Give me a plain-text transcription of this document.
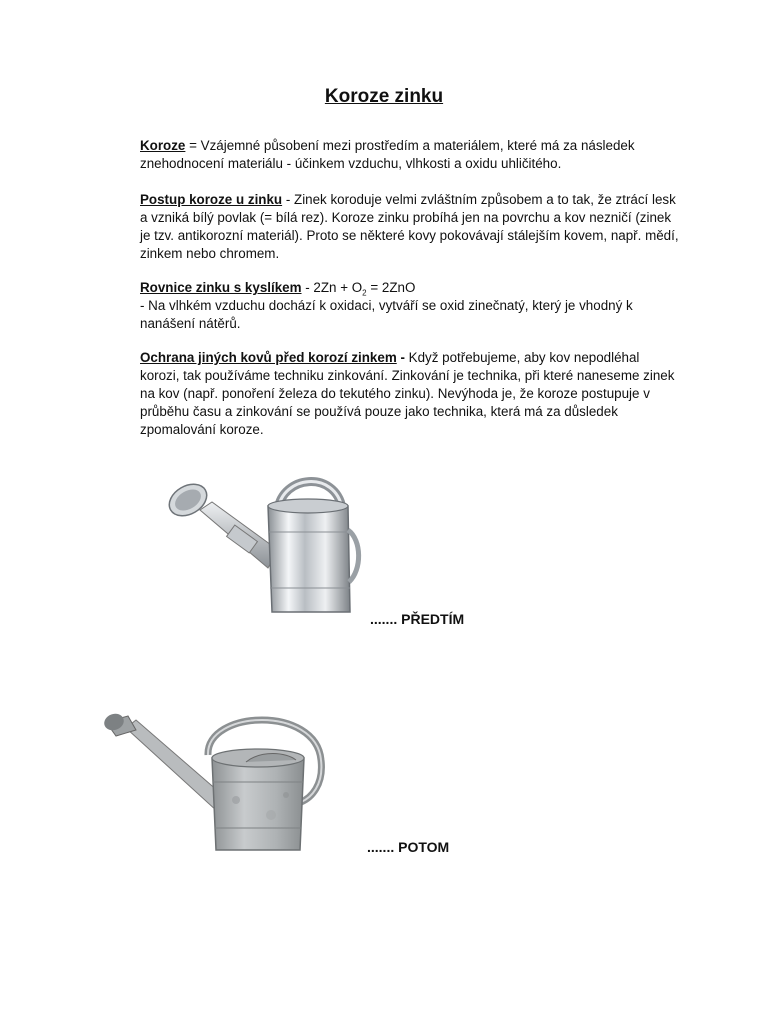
Koroze zinku

Koroze = Vzájemné působení mezi prostředím a materiálem, které má za následek znehodnocení materiálu - účinkem vzduchu, vlhkosti a oxidu uhličitého.

Postup koroze u zinku - Zinek koroduje velmi zvláštním způsobem a to tak, že ztrácí lesk a vzniká bílý povlak (= bílá rez). Koroze zinku probíhá jen na povrchu a kov nezničí (zinek je tzv. antikorozní materiál). Proto se některé kovy pokovávají stálejším kovem, např. mědí, zinkem nebo chromem.

Rovnice zinku s kyslíkem - $2Zn + O_2 = 2ZnO$
- Na vlhkém vzduchu dochází k oxidaci, vytváří se oxid zinečnatý, který je vhodný k nanášení nátěrů.

Ochrana jiných kovů před korozí zinkem - Když potřebujeme, aby kov nepodléhal korozi, tak používáme techniku zinkování. Zinkování je technika, při které naneseme zinek na kov (např. ponoření železa do tekutého zinku). Nevýhoda je, že koroze postupuje v průběhu času a zinkování se používá pouze jako technika, která má za důsledek zpomalování koroze.

....... PŘEDTÍM

....... POTOM
